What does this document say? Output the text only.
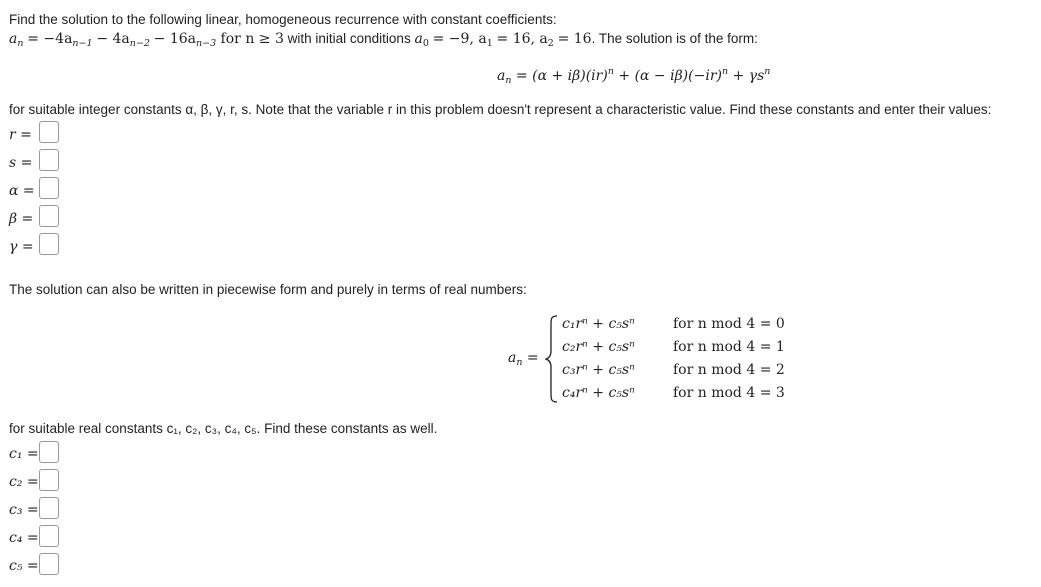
Find the solution to the following linear, homogeneous recurrence with constant coefficients:
$a_n = -4a_{n-1} - 4a_{n-2} - 16a_{n-3}$ for n ≥ 3 with initial conditions $a_0 = -9$, $a_1 = 16$, $a_2 = 16$. The solution is of the form:
$a_n = (\alpha + i\beta)(ir)^n + (\alpha - i\beta)(-ir)^n + \gamma s^n$
for suitable integer constants α, β, γ, r, s. Note that the variable r in this problem doesn't represent a characteristic value. Find these constants and enter their values:
r =
s =
α =
β =
γ =
The solution can also be written in piecewise form and purely in terms of real numbers:
$a_n$ =
c₁rⁿ + c₅sⁿ	for n mod 4 = 0
c₂rⁿ + c₅sⁿ	for n mod 4 = 1
c₃rⁿ + c₅sⁿ	for n mod 4 = 2
c₄rⁿ + c₅sⁿ	for n mod 4 = 3
for suitable real constants c₁, c₂, c₃, c₄, c₅. Find these constants as well.
c₁ =
c₂ =
c₃ =
c₄ =
c₅ =
